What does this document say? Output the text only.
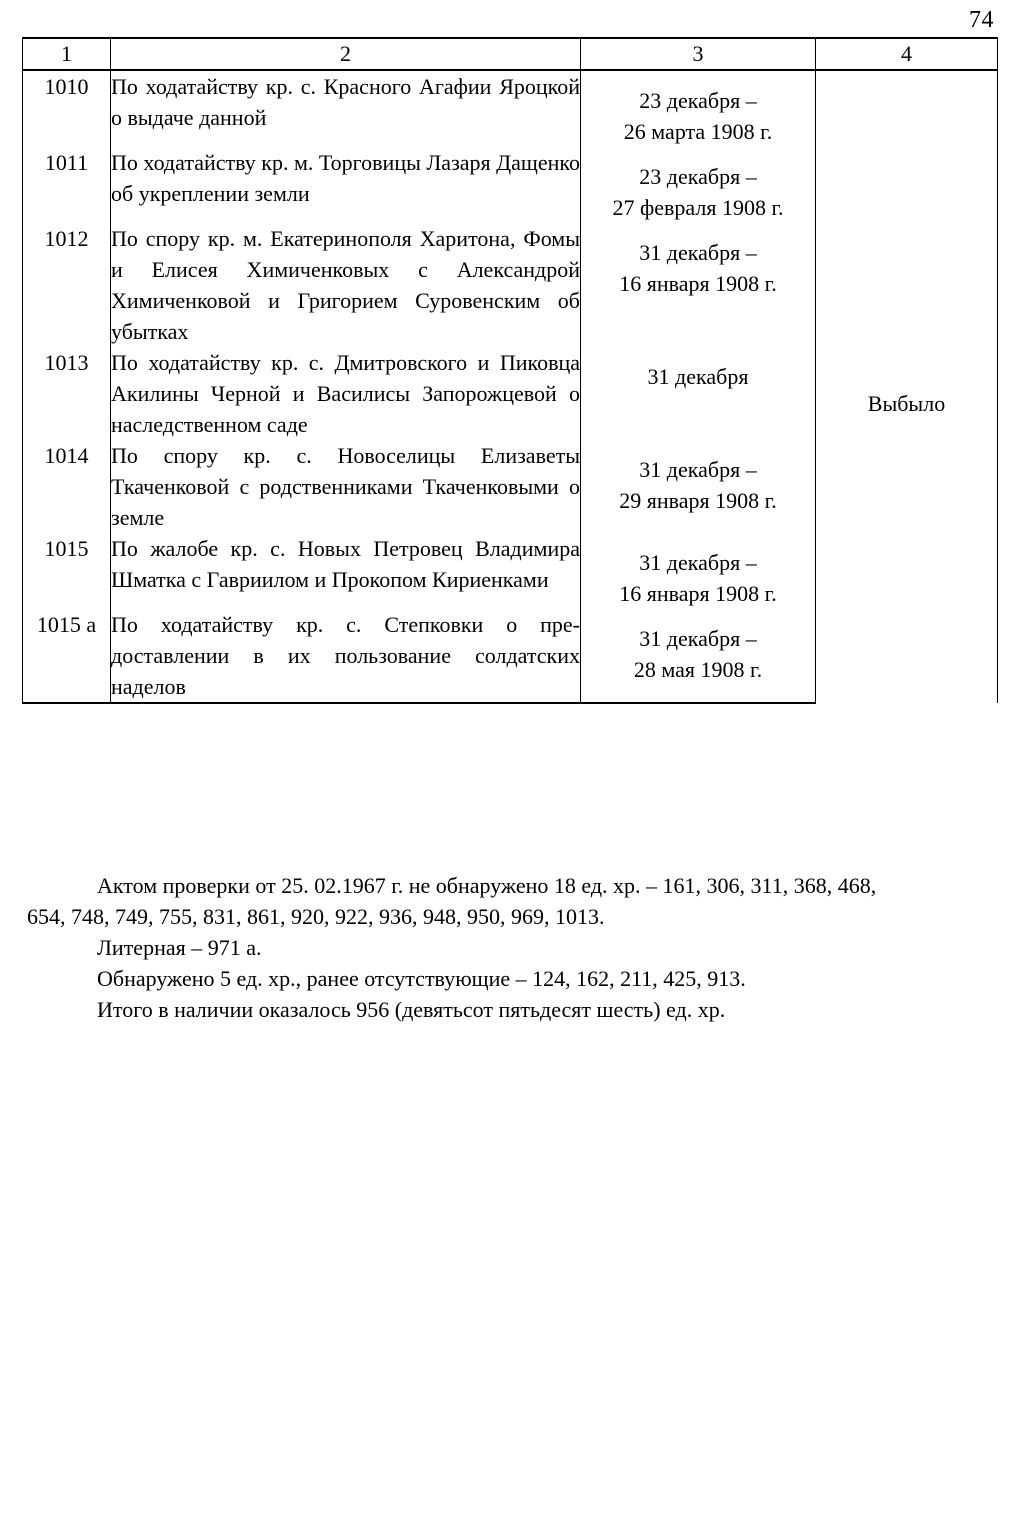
74
1	2	3	4
1010	По ходатайству кр. с. Красного Агафии Яроцкой о выдаче данной	23 декабря –
26 марта 1908 г.	Выбыло

1011	По ходатайству кр. м. Торговицы Лазаря Дащенко об укреплении земли	23 декабря –
27 февраля 1908 г.	

1012	По спору кр. м. Екатеринополя Харитона, Фомы и Елисея Химиченковых с Александрой Химиченковой и Григорием Суровенским об убытках	31 декабря –
16 января 1908 г.	

1013	По ходатайству кр. с. Дмитровского и Пиковца Акилины Черной и Василисы Запорожцевой о наследственном саде	31 декабря	

1014	По спору кр. с. Новоселицы Елизаветы Ткаченковой с родственниками Ткаченковыми о земле	31 декабря –
29 января 1908 г.	

1015	По жалобе кр. с. Новых Петровец Владимира Шматка с Гавриилом и Прокопом Кириенками	31 декабря –
16 января 1908 г.	

1015 а	По ходатайству кр. с. Степковки о предоставлении в их пользование солдатских наделов	31 декабря –
28 мая 1908 г.	

Актом проверки от 25. 02.1967 г. не обнаружено 18 ед. хр. – 161, 306, 311, 368, 468,

654, 748, 749, 755, 831, 861, 920, 922, 936, 948, 950, 969, 1013.

Литерная – 971 а.

Обнаружено 5 ед. хр., ранее отсутствующие – 124, 162, 211, 425, 913.

Итого в наличии оказалось 956 (девятьсот пятьдесят шесть) ед. хр.
